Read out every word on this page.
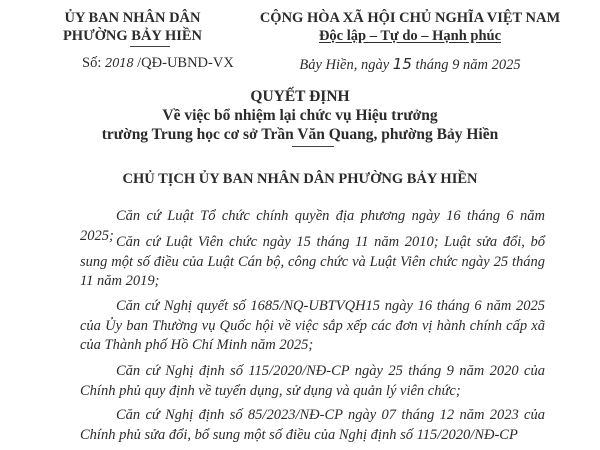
ỦY BAN NHÂN DÂN
PHƯỜNG BẢY HIỀN
Số: 2018 /QĐ-UBND-VX
CỘNG HÒA XÃ HỘI CHỦ NGHĨA VIỆT NAM
Độc lập – Tự do – Hạnh phúc
Bảy Hiền, ngày 15 tháng 9 năm 2025
QUYẾT ĐỊNH
Về việc bổ nhiệm lại chức vụ Hiệu trưởng
trường Trung học cơ sở Trần Văn Quang, phường Bảy Hiền
CHỦ TỊCH ỦY BAN NHÂN DÂN PHƯỜNG BẢY HIỀN
Căn cứ Luật Tổ chức chính quyền địa phương ngày 16 tháng 6 năm 2025; Căn cứ Luật Viên chức ngày 15 tháng 11 năm 2010; Luật sửa đổi, bổ sung một số điều của Luật Cán bộ, công chức và Luật Viên chức ngày 25 tháng 11 năm 2019;
Căn cứ Nghị quyết số 1685/NQ-UBTVQH15 ngày 16 tháng 6 năm 2025 của Ủy ban Thường vụ Quốc hội về việc sắp xếp các đơn vị hành chính cấp xã của Thành phố Hồ Chí Minh năm 2025;
Căn cứ Nghị định số 115/2020/NĐ-CP ngày 25 tháng 9 năm 2020 của Chính phủ quy định về tuyển dụng, sử dụng và quản lý viên chức;
Căn cứ Nghị định số 85/2023/NĐ-CP ngày 07 tháng 12 năm 2023 của Chính phủ sửa đổi, bổ sung một số điều của Nghị định số 115/2020/NĐ-CP
